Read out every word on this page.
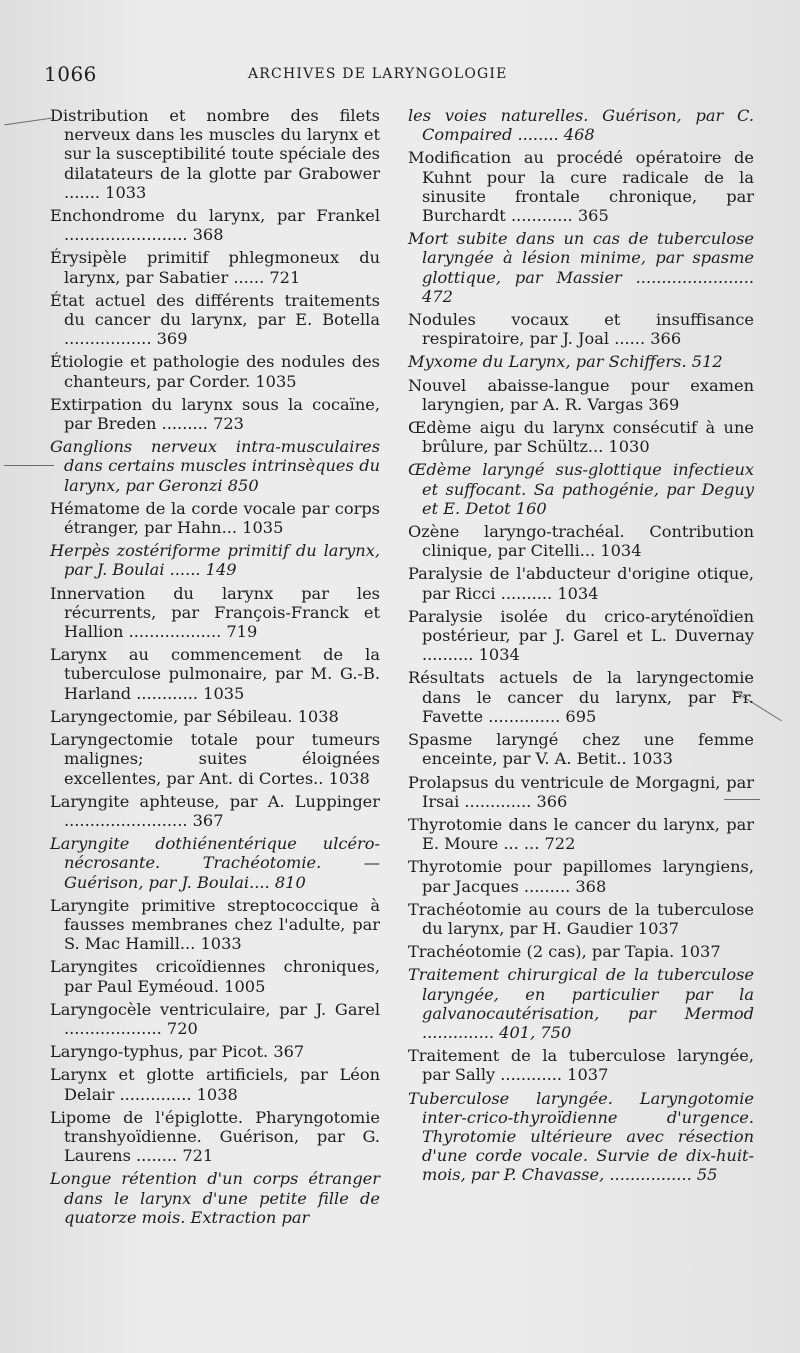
1066	ARCHIVES DE LARYNGOLOGIE

Distribution et nombre des filets nerveux dans les muscles du larynx et sur la susceptibilité toute spéciale des dilatateurs de la glotte par Grabower ....... 1033

Enchondrome du larynx, par Frankel ........................ 368

Érysipèle primitif phlegmoneux du larynx, par Sabatier ...... 721

État actuel des différents traitements du cancer du larynx, par E. Botella ................. 369

Étiologie et pathologie des nodules des chanteurs, par Corder. 1035

Extirpation du larynx sous la cocaïne, par Breden ......... 723

Ganglions nerveux intra-musculaires dans certains muscles intrinsèques du larynx, par Geronzi 850

Hématome de la corde vocale par corps étranger, par Hahn... 1035

Herpès zostériforme primitif du larynx, par J. Boulai ...... 149

Innervation du larynx par les récurrents, par François-Franck et Hallion .................. 719

Larynx au commencement de la tuberculose pulmonaire, par M. G.-B. Harland ............ 1035

Laryngectomie, par Sébileau. 1038

Laryngectomie totale pour tumeurs malignes; suites éloignées excellentes, par Ant. di Cortes.. 1038

Laryngite aphteuse, par A. Luppinger ........................ 367

Laryngite dothiénentérique ulcéro-nécrosante. Trachéotomie. — Guérison, par J. Boulai.... 810

Laryngite primitive streptococcique à fausses membranes chez l'adulte, par S. Mac Hamill... 1033

Laryngites cricoïdiennes chroniques, par Paul Eyméoud. 1005

Laryngocèle ventriculaire, par J. Garel ................... 720

Laryngo-typhus, par Picot. 367

Larynx et glotte artificiels, par Léon Delair .............. 1038

Lipome de l'épiglotte. Pharyngotomie transhyoïdienne. Guérison, par G. Laurens ........ 721

Longue rétention d'un corps étranger dans le larynx d'une petite fille de quatorze mois. Extraction par

les voies naturelles. Guérison, par C. Compaired ........ 468

Modification au procédé opératoire de Kuhnt pour la cure radicale de la sinusite frontale chronique, par Burchardt ............ 365

Mort subite dans un cas de tuberculose laryngée à lésion minime, par spasme glottique, par Massier ....................... 472

Nodules vocaux et insuffisance respiratoire, par J. Joal ...... 366

Myxome du Larynx, par Schiffers. 512

Nouvel abaisse-langue pour examen laryngien, par A. R. Vargas 369

Œdème aigu du larynx consécutif à une brûlure, par Schültz... 1030

Œdème laryngé sus-glottique infectieux et suffocant. Sa pathogénie, par Deguy et E. Detot 160

Ozène laryngo-trachéal. Contribution clinique, par Citelli... 1034

Paralysie de l'abducteur d'origine otique, par Ricci .......... 1034

Paralysie isolée du crico-aryténoïdien postérieur, par J. Garel et L. Duvernay .......... 1034

Résultats actuels de la laryngectomie dans le cancer du larynx, par Fr. Favette .............. 695

Spasme laryngé chez une femme enceinte, par V. A. Betit.. 1033

Prolapsus du ventricule de Morgagni, par Irsai ............. 366

Thyrotomie dans le cancer du larynx, par E. Moure ... ... 722

Thyrotomie pour papillomes laryngiens, par Jacques ......... 368

Trachéotomie au cours de la tuberculose du larynx, par H. Gaudier 1037

Trachéotomie (2 cas), par Tapia. 1037

Traitement chirurgical de la tuberculose laryngée, en particulier par la galvanocautérisation, par Mermod .............. 401, 750

Traitement de la tuberculose laryngée, par Sally ............ 1037

Tuberculose laryngée. Laryngotomie inter-crico-thyroïdienne d'urgence. Thyrotomie ultérieure avec résection d'une corde vocale. Survie de dix-huit-mois, par P. Chavasse, ................ 55
